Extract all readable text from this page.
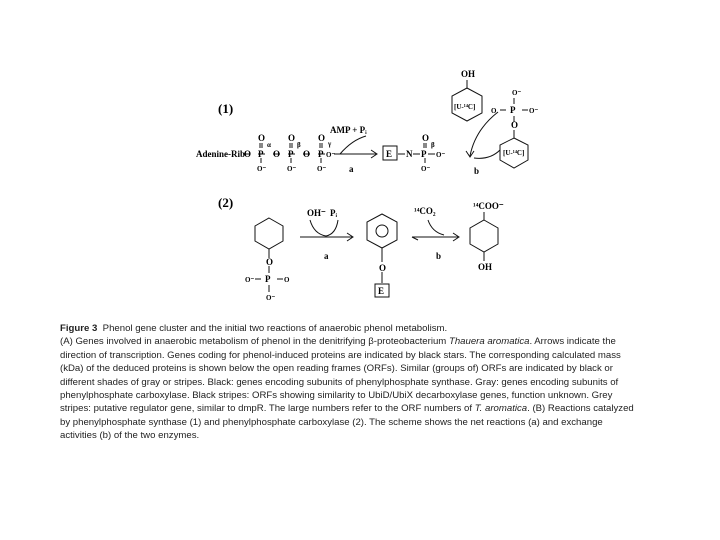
(1)
Adenine-Rib
O P O P O P
O	O	O
O⁻	O⁻	O⁻
O⁻
α	β	γ
AMP + Pᵢ
a
E N P
O
O⁻
O⁻
β
OH
[U-¹⁴C]
O⁻
O P O⁻
O
[U-¹⁴C]
b
(2)
O
O⁻ P O
O⁻
OH⁻ Pᵢ
a
O
E
¹⁴CO₂
b
¹⁴COO⁻
OH
Figure 3 Phenol gene cluster and the initial two reactions of anaerobic phenol metabolism.
(A) Genes involved in anaerobic metabolism of phenol in the denitrifying β-proteobacterium Thauera aromatica. Arrows indicate the
direction of transcription. Genes coding for phenol-induced proteins are indicated by black stars. The corresponding calculated mass
(kDa) of the deduced proteins is shown below the open reading frames (ORFs). Similar (groups of) ORFs are indicated by black or
different shades of gray or stripes. Black: genes encoding subunits of phenylphosphate synthase. Gray: genes encoding subunits of
phenylphosphate carboxylase. Black stripes: ORFs showing similarity to UbiD/UbiX decarboxylase genes, function unknown. Grey
stripes: putative regulator gene, similar to dmpR. The large numbers refer to the ORF numbers of T. aromatica. (B) Reactions catalyzed
by phenylphosphate synthase (1) and phenylphosphate carboxylase (2). The scheme shows the net reactions (a) and exchange
activities (b) of the two enzymes.
